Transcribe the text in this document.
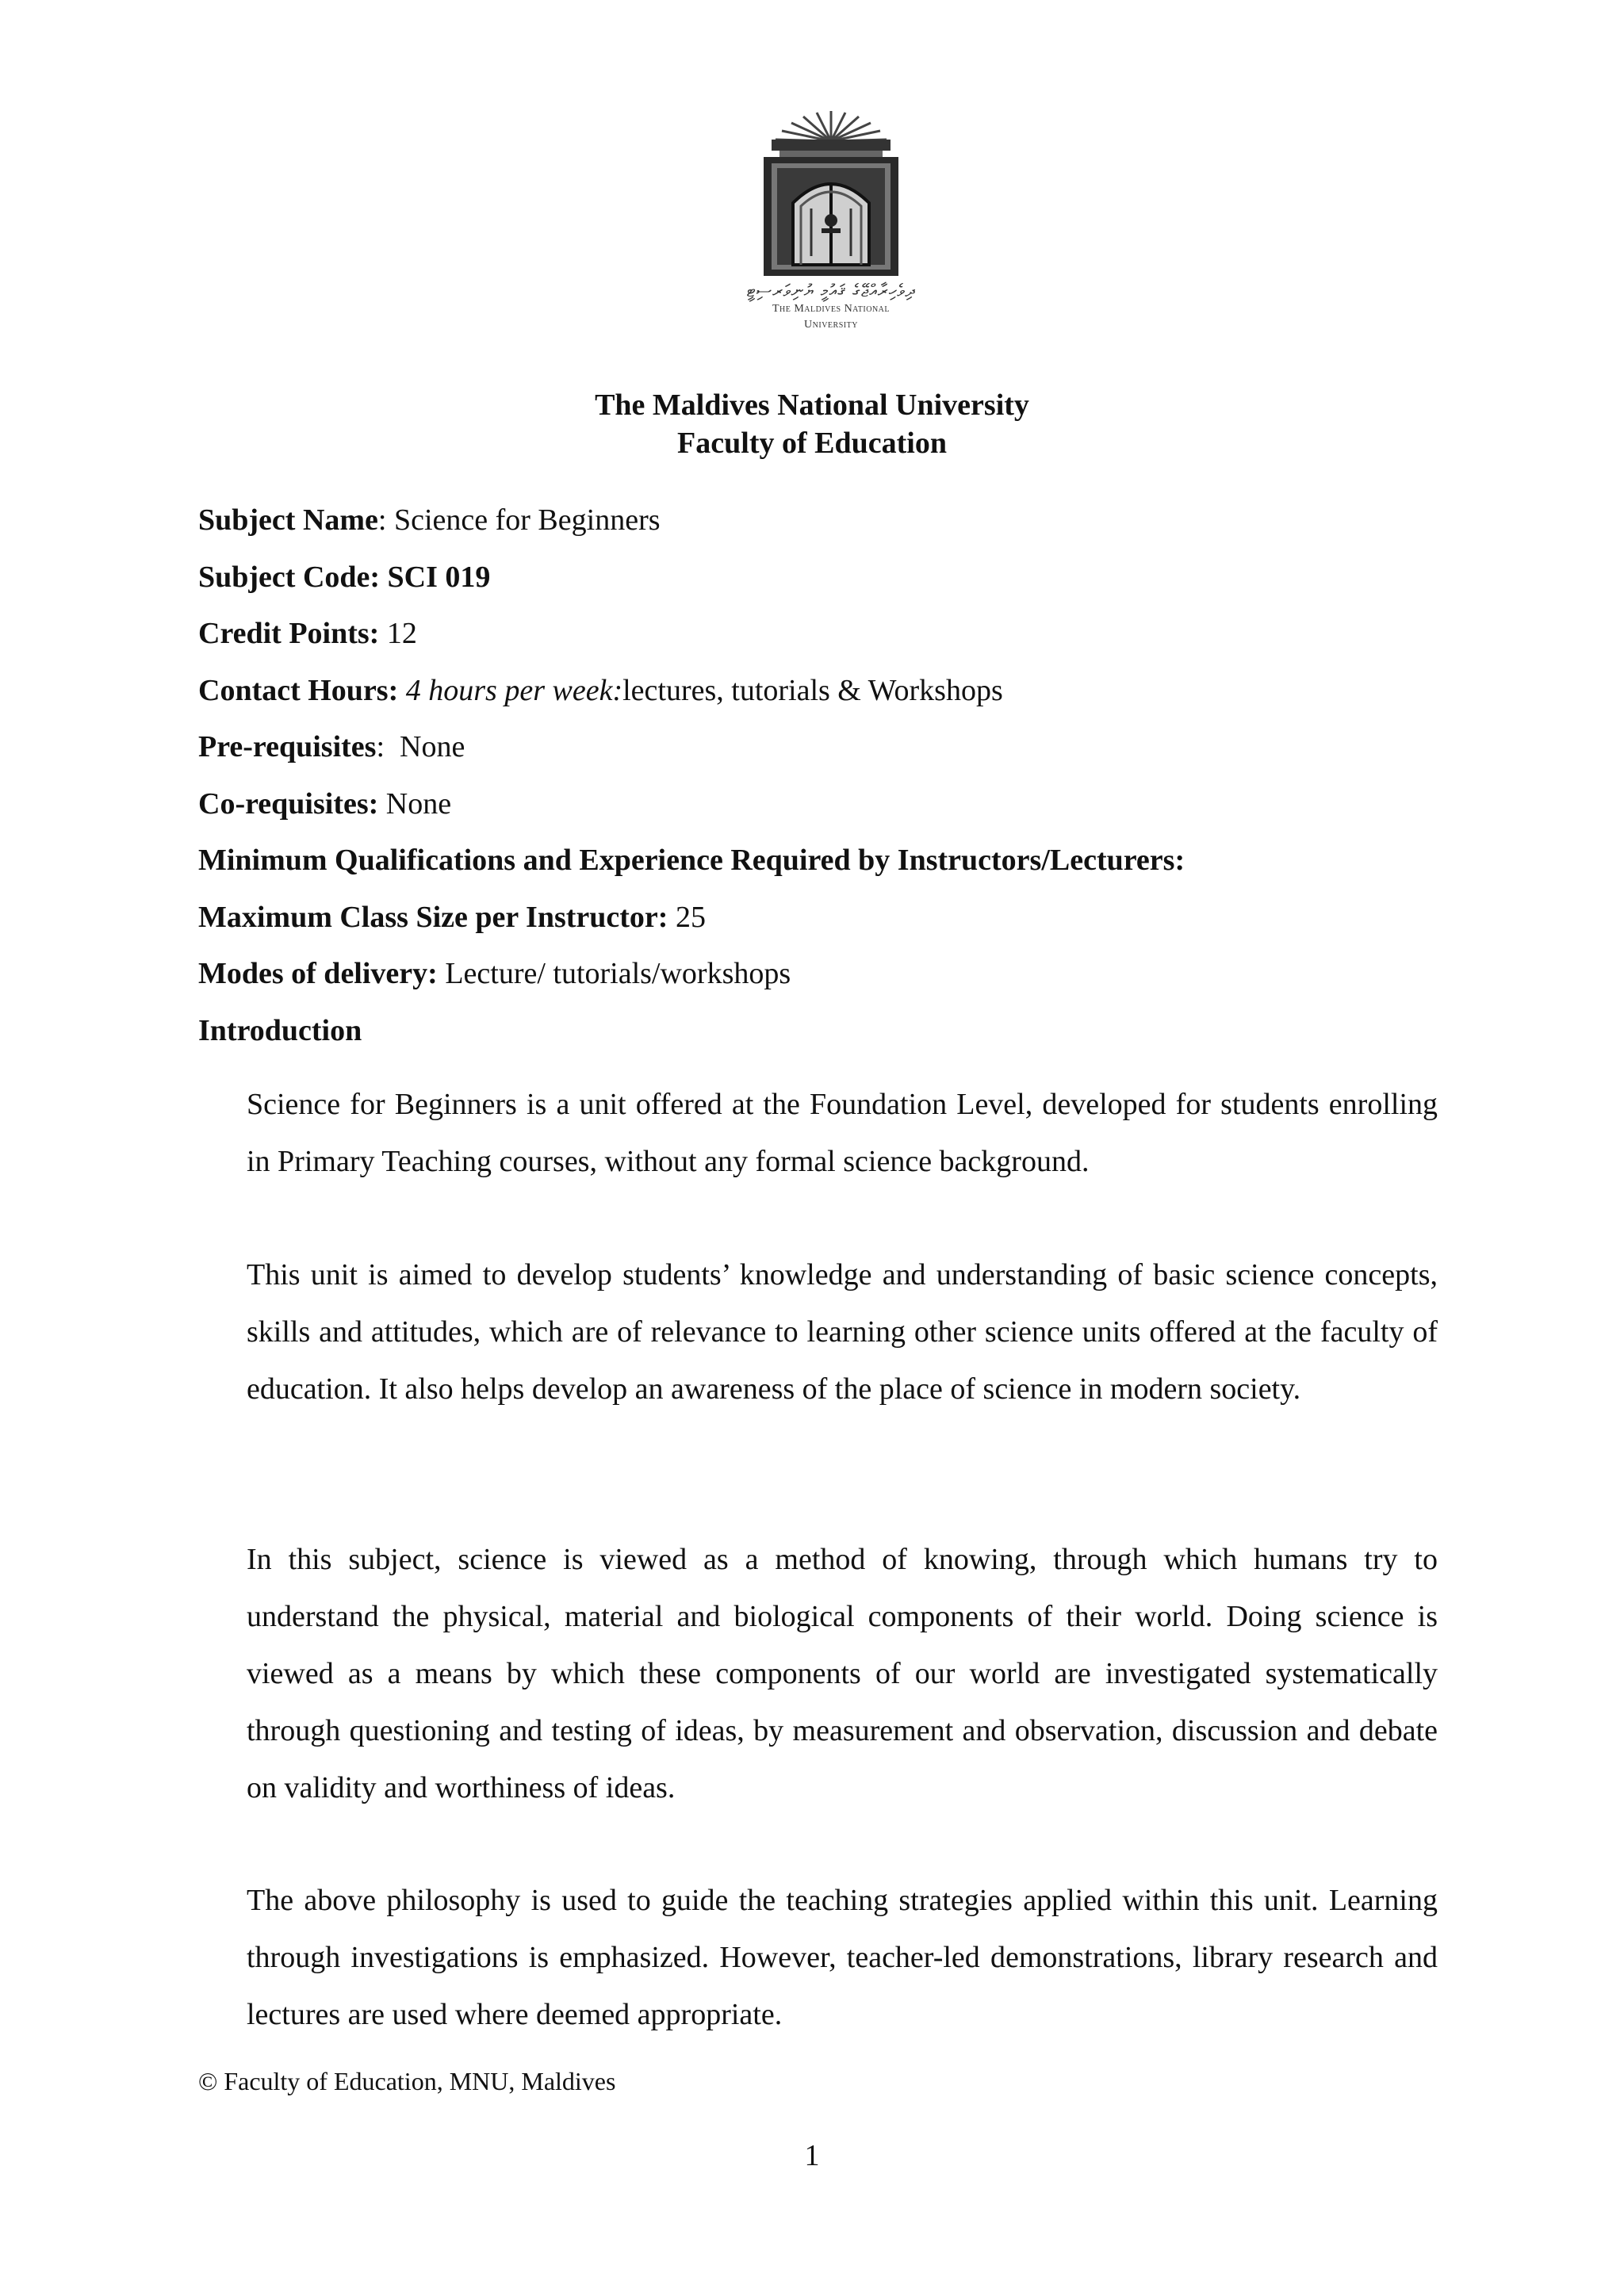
ދިވެހިރާއްޖޭގެ ޤައުމީ ޔުނިވަރސިޓީ
The Maldives National
University
The Maldives National University
Faculty of Education
Subject Name: Science for Beginners
Subject Code: SCI 019
Credit Points: 12
Contact Hours: 4 hours per week:lectures, tutorials & Workshops
Pre-requisites:  None
Co-requisites: None
Minimum Qualifications and Experience Required by Instructors/Lecturers:
Maximum Class Size per Instructor: 25
Modes of delivery: Lecture/ tutorials/workshops
Introduction

Science for Beginners is a unit offered at the Foundation Level, developed for students enrolling in Primary Teaching courses, without any formal science background.

This unit is aimed to develop students’ knowledge and understanding of basic science concepts, skills and attitudes, which are of relevance to learning other science units offered at the faculty of education. It also helps develop an awareness of the place of science in modern society.

In this subject, science is viewed as a method of knowing, through which humans try to understand the physical, material and biological components of their world. Doing science is viewed as a means by which these components of our world are investigated systematically through questioning and testing of ideas, by measurement and observation, discussion and debate on validity and worthiness of ideas.

The above philosophy is used to guide the teaching strategies applied within this unit. Learning through investigations is emphasized. However, teacher-led demonstrations, library research and lectures are used where deemed appropriate.

© Faculty of Education, MNU, Maldives
1
